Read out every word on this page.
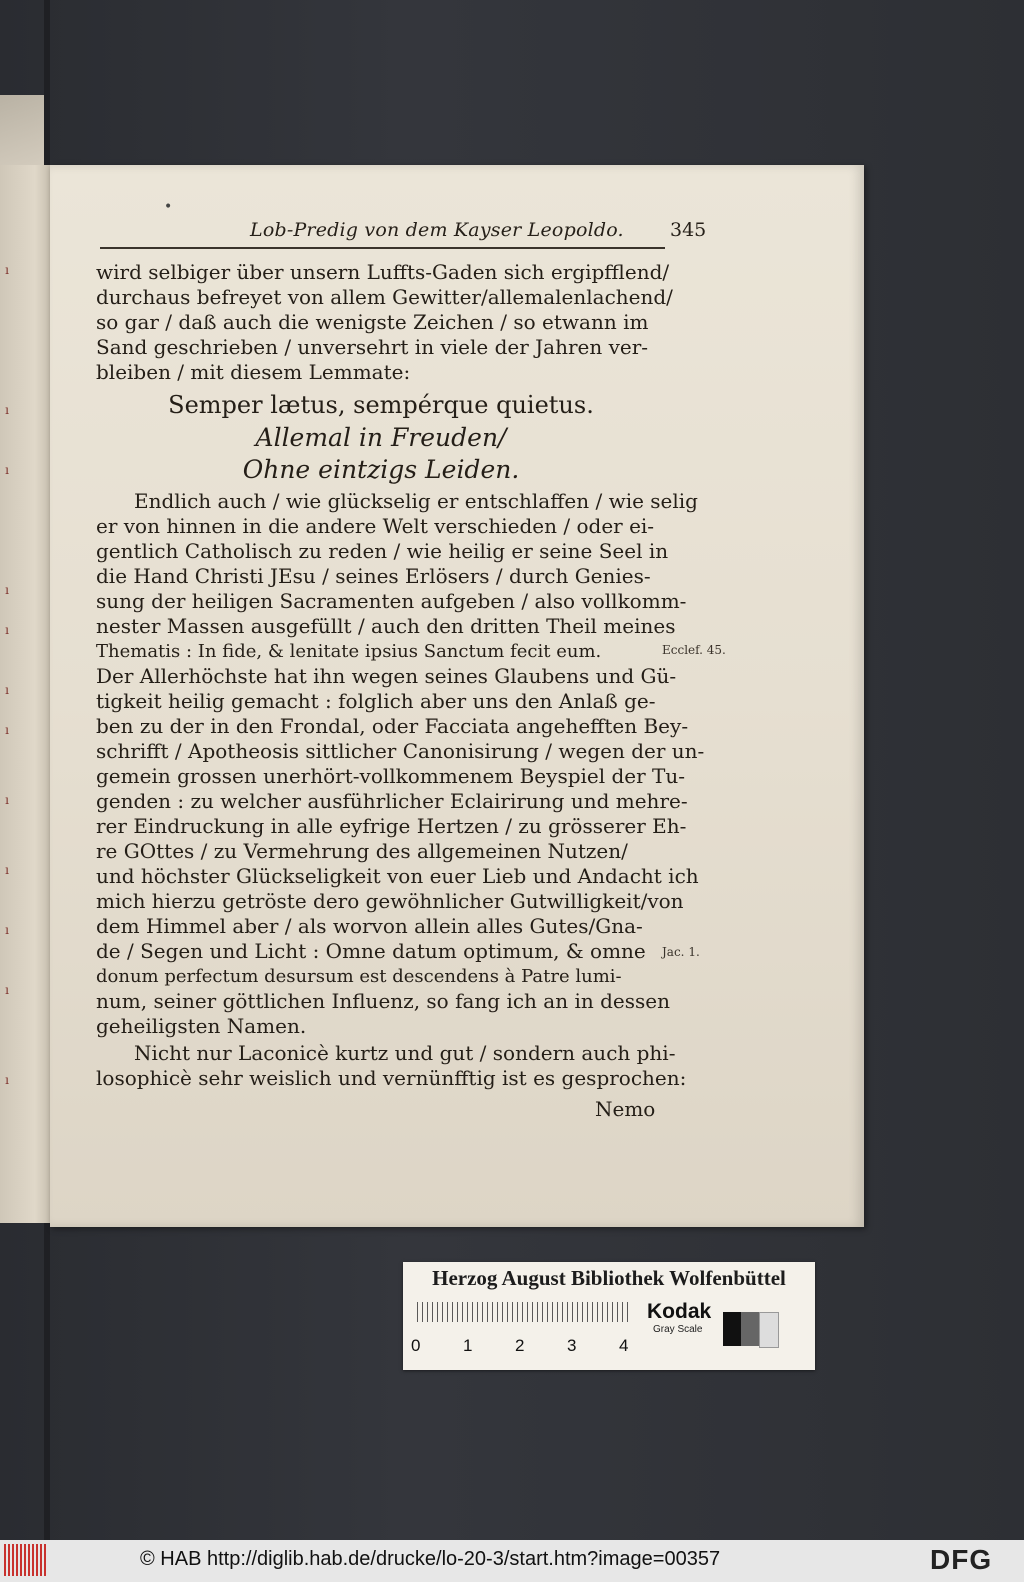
ı
ı
ı
ı
ı
ı
ı
ı
ı
ı
ı
ı
•
Lob-Predig von dem Kayser Leopoldo. 345
wird selbiger über unsern Luffts-Gaden sich ergipfflend/
durchaus befreyet von allem Gewitter/allemalenlachend/
so gar / daß auch die wenigste Zeichen / so etwann im
Sand geschrieben / unversehrt in viele der Jahren ver-
bleiben / mit diesem Lemmate:
Semper lætus, sempérque quietus.
Allemal in Freuden/
Ohne eintzigs Leiden.
Endlich auch / wie glückselig er entschlaffen / wie selig
er von hinnen in die andere Welt verschieden / oder ei-
gentlich Catholisch zu reden / wie heilig er seine Seel in
die Hand Christi JEsu / seines Erlösers / durch Genies-
sung der heiligen Sacramenten aufgeben / also vollkomm-
nester Massen ausgefüllt / auch den dritten Theil meines
Thematis : In fide, & lenitate ipsius Sanctum fecit eum.	Ecclef. 45.
Der Allerhöchste hat ihn wegen seines Glaubens und Gü-
tigkeit heilig gemacht : folglich aber uns den Anlaß ge-
ben zu der in den Frondal, oder Facciata angehefften Bey-
schrifft / Apotheosis sittlicher Canonisirung / wegen der un-
gemein grossen unerhört-vollkommenem Beyspiel der Tu-
genden : zu welcher ausführlicher Eclairirung und mehre-
rer Eindruckung in alle eyfrige Hertzen / zu grösserer Eh-
re GOttes / zu Vermehrung des allgemeinen Nutzen/
und höchster Glückseligkeit von euer Lieb und Andacht ich
mich hierzu getröste dero gewöhnlicher Gutwilligkeit/von
dem Himmel aber / als worvon allein alles Gutes/Gna-
de / Segen und Licht : Omne datum optimum, & omne	Jac. 1.
donum perfectum desursum est descendens à Patre lumi-
num, seiner göttlichen Influenz, so fang ich an in dessen
geheiligsten Namen.
Nicht nur Laconicè kurtz und gut / sondern auch phi-
losophicè sehr weislich und vernünfftig ist es gesprochen:
Nemo
Herzog August Bibliothek Wolfenbüttel
0	1	2	3	4
Kodak
Gray Scale
© HAB http://diglib.hab.de/drucke/lo-20-3/start.htm?image=00357	DFG
